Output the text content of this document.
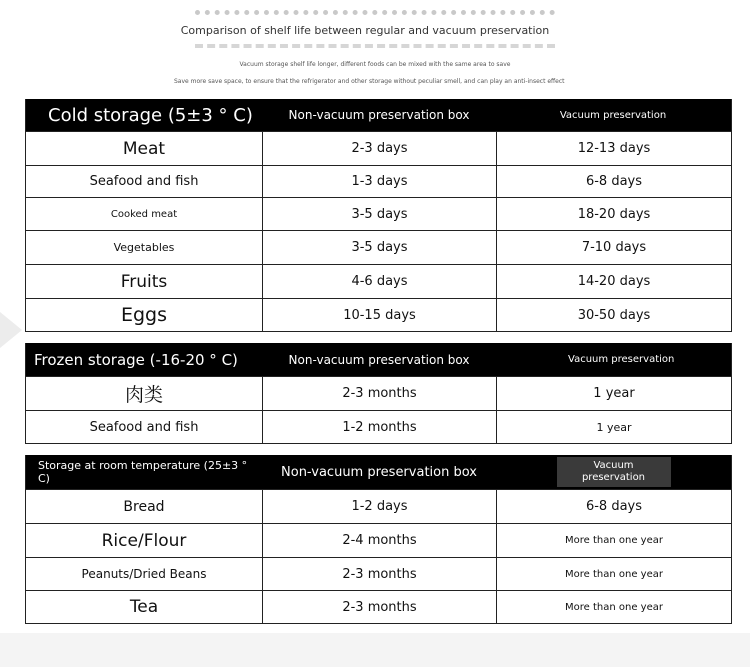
Comparison of shelf life between regular and vacuum preservation
Vacuum storage shelf life longer, different foods can be mixed with the same area to save
Save more save space, to ensure that the refrigerator and other storage without peculiar smell, and can play an anti-insect effect
Cold storage (5±3 ° C)	Non-vacuum preservation box	Vacuum preservation
Meat	2-3 days	12-13 days
Seafood and fish	1-3 days	6-8 days
Cooked meat	3-5 days	18-20 days
Vegetables	3-5 days	7-10 days
Fruits	4-6 days	14-20 days
Eggs	10-15 days	30-50 days
Frozen storage (-16-20 ° C)	Non-vacuum preservation box	Vacuum preservation
肉类	2-3 months	1 year
Seafood and fish	1-2 months	1 year
Storage at room temperature (25±3 ° C)	Non-vacuum preservation box	Vacuum preservation
Bread	1-2 days	6-8 days
Rice/Flour	2-4 months	More than one year
Peanuts/Dried Beans	2-3 months	More than one year
Tea	2-3 months	More than one year
